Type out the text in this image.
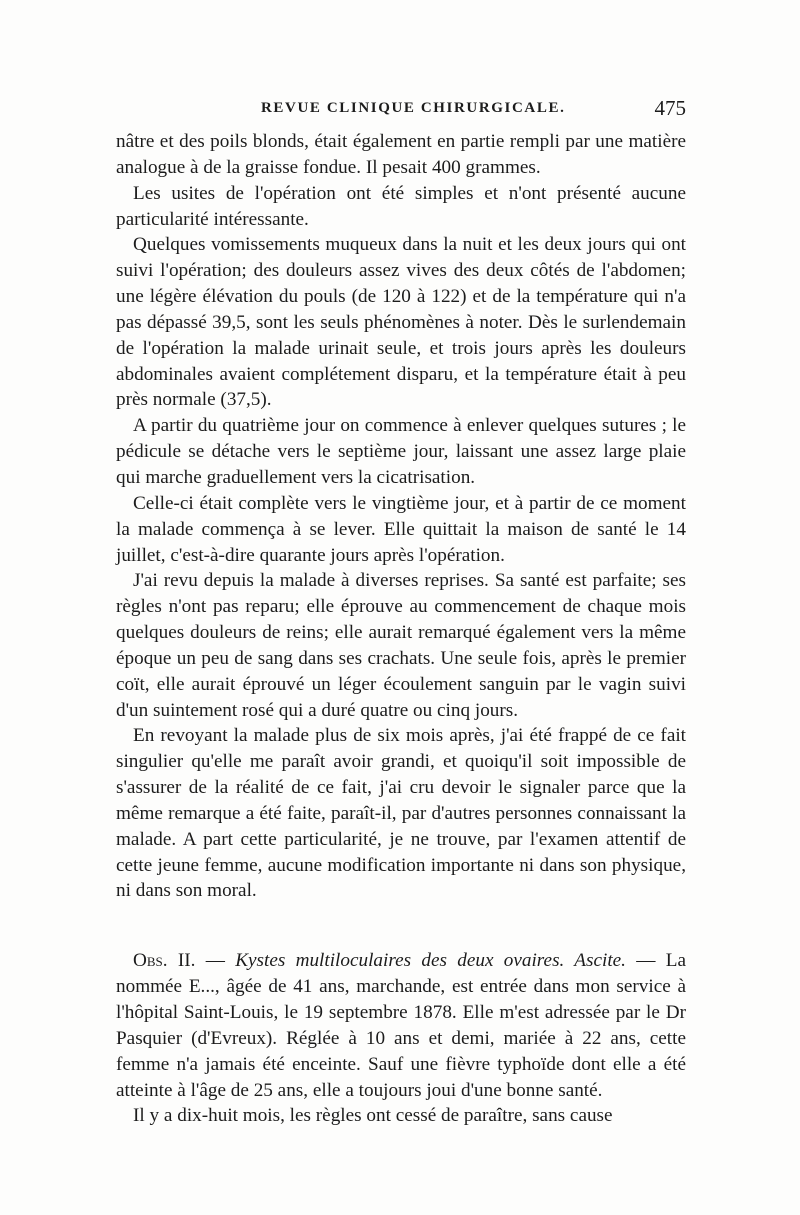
REVUE CLINIQUE CHIRURGICALE.	475

nâtre et des poils blonds, était également en partie rempli par une matière analogue à de la graisse fondue. Il pesait 400 grammes.

Les usites de l'opération ont été simples et n'ont présenté aucune particularité intéressante.

Quelques vomissements muqueux dans la nuit et les deux jours qui ont suivi l'opération; des douleurs assez vives des deux côtés de l'abdomen; une légère élévation du pouls (de 120 à 122) et de la température qui n'a pas dépassé 39,5, sont les seuls phénomènes à noter. Dès le surlendemain de l'opération la malade urinait seule, et trois jours après les douleurs abdominales avaient complétement disparu, et la température était à peu près normale (37,5).

A partir du quatrième jour on commence à enlever quelques sutures ; le pédicule se détache vers le septième jour, laissant une assez large plaie qui marche graduellement vers la cicatrisation.

Celle-ci était complète vers le vingtième jour, et à partir de ce moment la malade commença à se lever. Elle quittait la maison de santé le 14 juillet, c'est-à-dire quarante jours après l'opération.

J'ai revu depuis la malade à diverses reprises. Sa santé est parfaite; ses règles n'ont pas reparu; elle éprouve au commencement de chaque mois quelques douleurs de reins; elle aurait remarqué également vers la même époque un peu de sang dans ses crachats. Une seule fois, après le premier coït, elle aurait éprouvé un léger écoulement sanguin par le vagin suivi d'un suintement rosé qui a duré quatre ou cinq jours.

En revoyant la malade plus de six mois après, j'ai été frappé de ce fait singulier qu'elle me paraît avoir grandi, et quoiqu'il soit impossible de s'assurer de la réalité de ce fait, j'ai cru devoir le signaler parce que la même remarque a été faite, paraît-il, par d'autres personnes connaissant la malade. A part cette particularité, je ne trouve, par l'examen attentif de cette jeune femme, aucune modification importante ni dans son physique, ni dans son moral.

Obs. II. — Kystes multiloculaires des deux ovaires. Ascite. — La nommée E..., âgée de 41 ans, marchande, est entrée dans mon service à l'hôpital Saint-Louis, le 19 septembre 1878. Elle m'est adressée par le Dr Pasquier (d'Evreux). Réglée à 10 ans et demi, mariée à 22 ans, cette femme n'a jamais été enceinte. Sauf une fièvre typhoïde dont elle a été atteinte à l'âge de 25 ans, elle a toujours joui d'une bonne santé.

Il y a dix-huit mois, les règles ont cessé de paraître, sans cause
